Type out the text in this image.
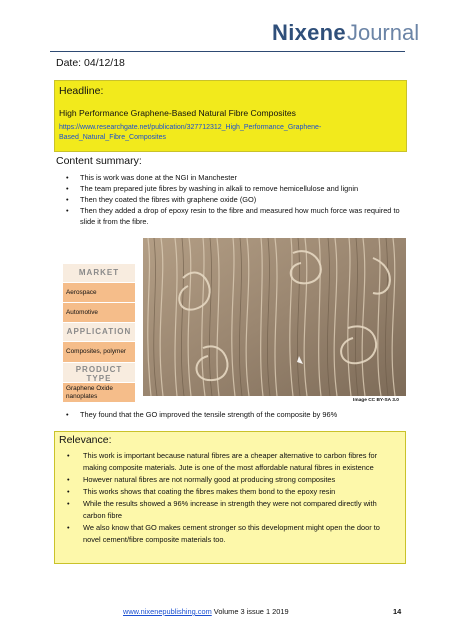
NixeneJournal
Date: 04/12/18
Headline:
High Performance Graphene-Based Natural Fibre Composites
https://www.researchgate.net/publication/327712312_High_Performance_Graphene-
Based_Natural_Fibre_Composites
Content summary:
• This is work was done at the NGI in Manchester
• The team prepared jute fibres by washing in alkali to remove hemicellulose and lignin
• Then they coated the fibres with graphene oxide (GO)
• Then they added a drop of epoxy resin to the fibre and measured how much force was required to slide it from the fibre.
MARKET
Aerospace
Automotive
APPLICATION
Composites, polymer
PRODUCT TYPE
Graphene Oxide nanoplates
Image CC BY-SA 3.0
• They found that the GO improved the tensile strength of the composite by 96%
Relevance:
• This work is important because natural fibres are a cheaper alternative to carbon fibres for making composite materials. Jute is one of the most affordable natural fibres in existence
• However natural fibres are not normally good at producing strong composites
• This works shows that coating the fibres makes them bond to the epoxy resin
• While the results showed a 96% increase in strength they were not compared directly with carbon fibre
• We also know that GO makes cement stronger so this development might open the door to novel cement/fibre composite materials too.
www.nixenepublishing.com Volume 3 issue 1 2019	14
